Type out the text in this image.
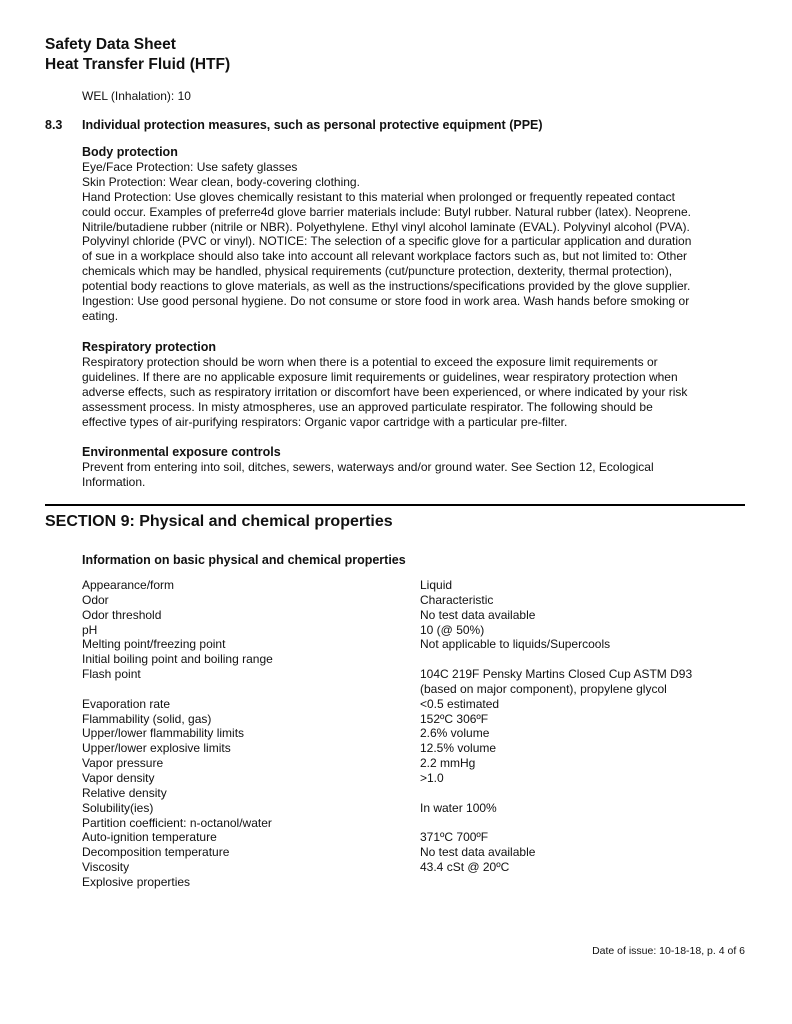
Safety Data Sheet
Heat Transfer Fluid (HTF)
WEL (Inhalation): 10
8.3	Individual protection measures, such as personal protective equipment (PPE)
Body protection
Eye/Face Protection: Use safety glasses
Skin Protection: Wear clean, body-covering clothing.
Hand Protection: Use gloves chemically resistant to this material when prolonged or frequently repeated contact
could occur. Examples of preferre4d glove barrier materials include: Butyl rubber. Natural rubber (latex). Neoprene.
Nitrile/butadiene rubber (nitrile or NBR). Polyethylene. Ethyl vinyl alcohol laminate (EVAL). Polyvinyl alcohol (PVA).
Polyvinyl chloride (PVC or vinyl). NOTICE: The selection of a specific glove for a particular application and duration
of sue in a workplace should also take into account all relevant workplace factors such as, but not limited to: Other
chemicals which may be handled, physical requirements (cut/puncture protection, dexterity, thermal protection),
potential body reactions to glove materials, as well as the instructions/specifications provided by the glove supplier.
Ingestion: Use good personal hygiene. Do not consume or store food in work area. Wash hands before smoking or
eating.
Respiratory protection
Respiratory protection should be worn when there is a potential to exceed the exposure limit requirements or
guidelines. If there are no applicable exposure limit requirements or guidelines, wear respiratory protection when
adverse effects, such as respiratory irritation or discomfort have been experienced, or where indicated by your risk
assessment process. In misty atmospheres, use an approved particulate respirator. The following should be
effective types of air-purifying respirators: Organic vapor cartridge with a particular pre-filter.
Environmental exposure controls
Prevent from entering into soil, ditches, sewers, waterways and/or ground water. See Section 12, Ecological
Information.
SECTION 9: Physical and chemical properties
Information on basic physical and chemical properties
Appearance/form	Liquid
Odor	Characteristic
Odor threshold	No test data available
pH	10 (@ 50%)
Melting point/freezing point	Not applicable to liquids/Supercools
Initial boiling point and boiling range
Flash point	104C 219F Pensky Martins Closed Cup ASTM D93
(based on major component), propylene glycol
Evaporation rate	<0.5 estimated
Flammability (solid, gas)	152ºC 306ºF
Upper/lower flammability limits	2.6% volume
Upper/lower explosive limits	12.5% volume
Vapor pressure	2.2 mmHg
Vapor density	>1.0
Relative density
Solubility(ies)	In water 100%
Partition coefficient: n-octanol/water
Auto-ignition temperature	371ºC 700ºF
Decomposition temperature	No test data available
Viscosity	43.4 cSt @ 20ºC
Explosive properties
Date of issue: 10-18-18, p. 4 of 6
